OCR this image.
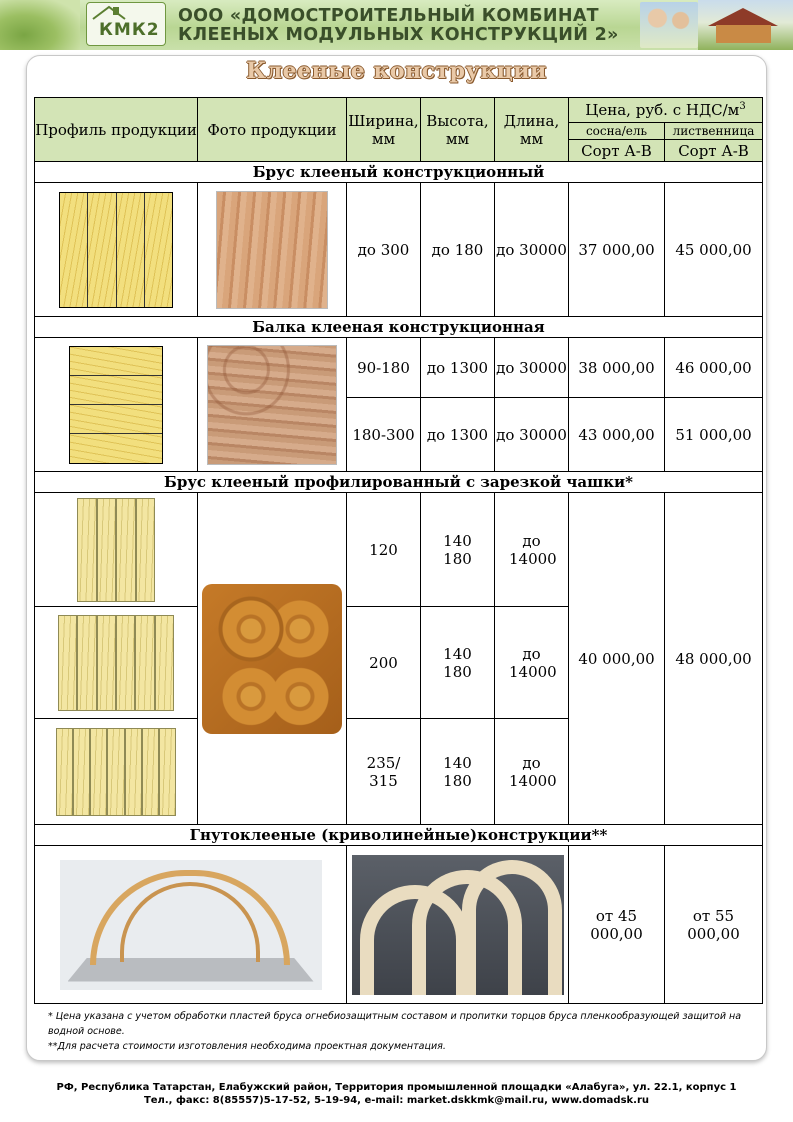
КМК2
ООО «ДОМОСТРОИТЕЛЬНЫЙ КОМБИНАТ
КЛЕЕНЫХ МОДУЛЬНЫХ КОНСТРУКЦИЙ 2»
Клееные конструкции
Профиль продукции	Фото продукции	Ширина, мм	Высота, мм	Длина, мм	Цена, руб. с НДС/$м^3$
					сосна/ель	лиственница
					Сорт А-В	Сорт А-В
Брус клееный конструкционный						

	до 300	до 180	до 30000	37 000,00	45 000,00
Балка клееная конструкционная						

	90-180	до 1300	до 30000	38 000,00	46 000,00
		180-300	до 1300	до 30000	43 000,00	51 000,00
Брус клееный профилированный с зарезкой чашки*						

	120	140 180	до 14000	40 000,00	48 000,00

		200	140 180	до 14000		

		235/ 315	140 180	до 14000		
Гнутоклееные (криволинейные)конструкции**						

				от 45 000,00	от 55 000,00
* Цена указана с учетом обработки пластей бруса огнебиозащитным составом и пропитки торцов бруса пленкообразующей защитой на водной основе.
**Для расчета стоимости изготовления необходима проектная документация.
РФ, Республика Татарстан, Елабужский район, Территория промышленной площадки «Алабуга», ул. 22.1, корпус 1
Тел., факс: 8(85557)5-17-52, 5-19-94, e-mail: market.dskkmk@mail.ru, www.domadsk.ru
